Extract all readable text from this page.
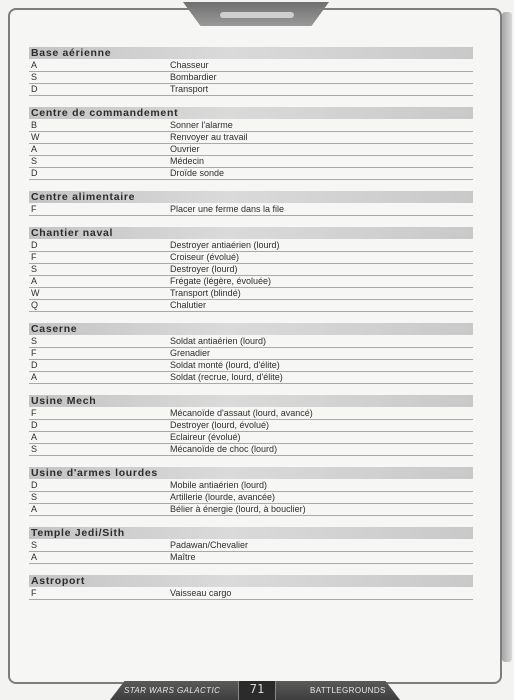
Base aérienne
A	Chasseur
S	Bombardier
D	Transport
Centre de commandement
B	Sonner l'alarme
W	Renvoyer au travail
A	Ouvrier
S	Médecin
D	Droïde sonde
Centre alimentaire
F	Placer une ferme dans la file
Chantier naval
D	Destroyer antiaérien (lourd)
F	Croiseur (évolué)
S	Destroyer (lourd)
A	Frégate (légère, évoluée)
W	Transport (blindé)
Q	Chalutier
Caserne
S	Soldat antiaérien (lourd)
F	Grenadier
D	Soldat monté (lourd, d'élite)
A	Soldat (recrue, lourd, d'élite)
Usine Mech
F	Mécanoïde d'assaut (lourd, avancé)
D	Destroyer (lourd, évolué)
A	Eclaireur (évolué)
S	Mécanoïde de choc (lourd)
Usine d'armes lourdes
D	Mobile antiaérien (lourd)
S	Artillerie (lourde, avancée)
A	Bélier à énergie (lourd, à bouclier)
Temple Jedi/Sith
S	Padawan/Chevalier
A	Maître
Astroport
F	Vaisseau cargo
STAR WARS GALACTIC	71	BATTLEGROUNDS
